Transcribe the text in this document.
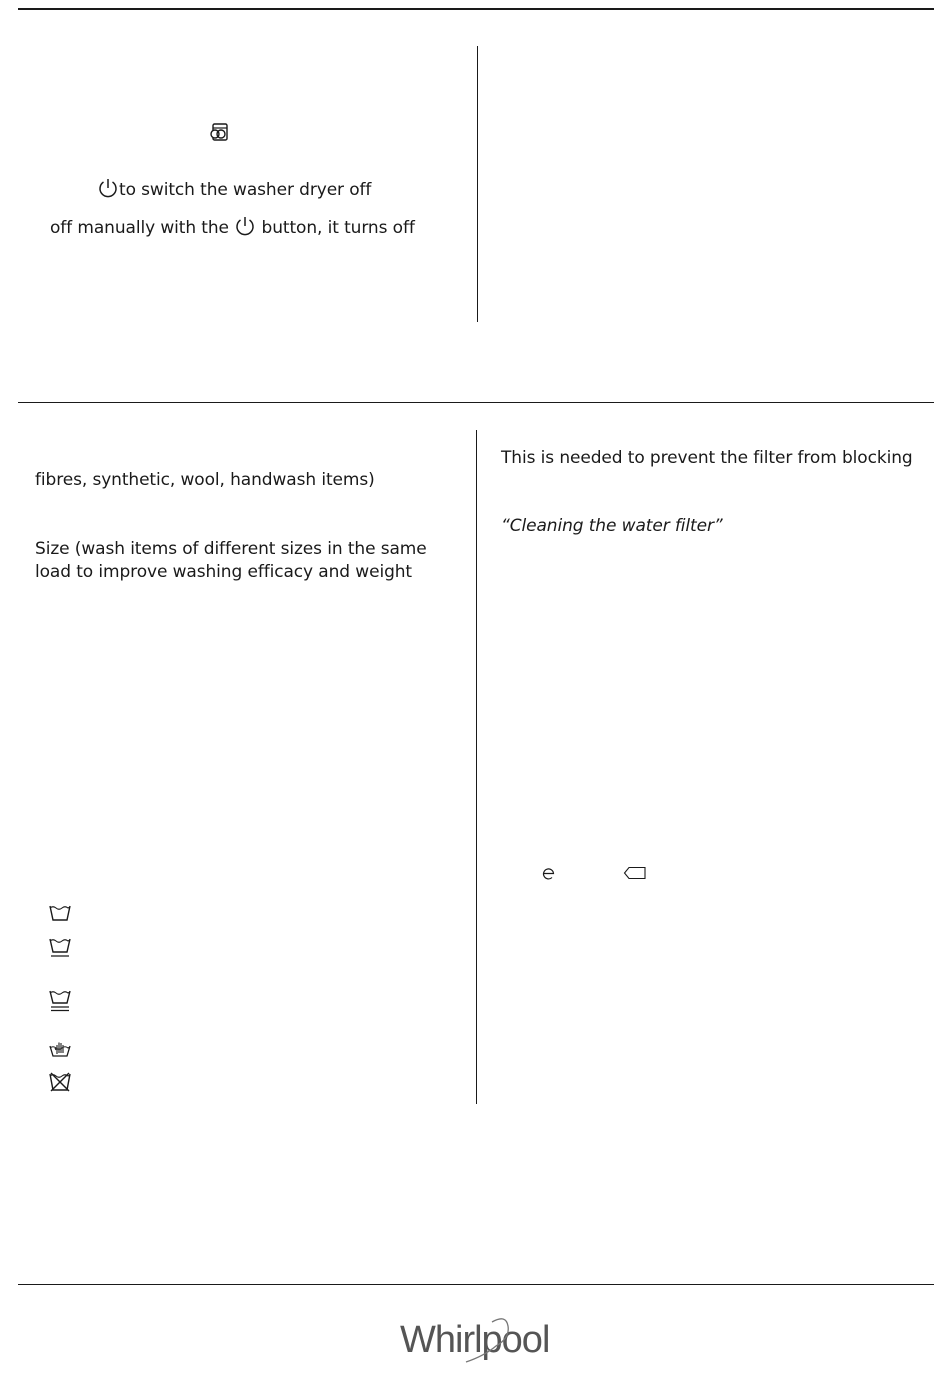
to switch the washer dryer off
off manually with the button, it turns off
fibres, synthetic, wool, handwash items)
Size (wash items of different sizes in the same
load to improve washing efficacy and weight
This is needed to prevent the filter from blocking
“Cleaning the water filter”
Whirlpool
